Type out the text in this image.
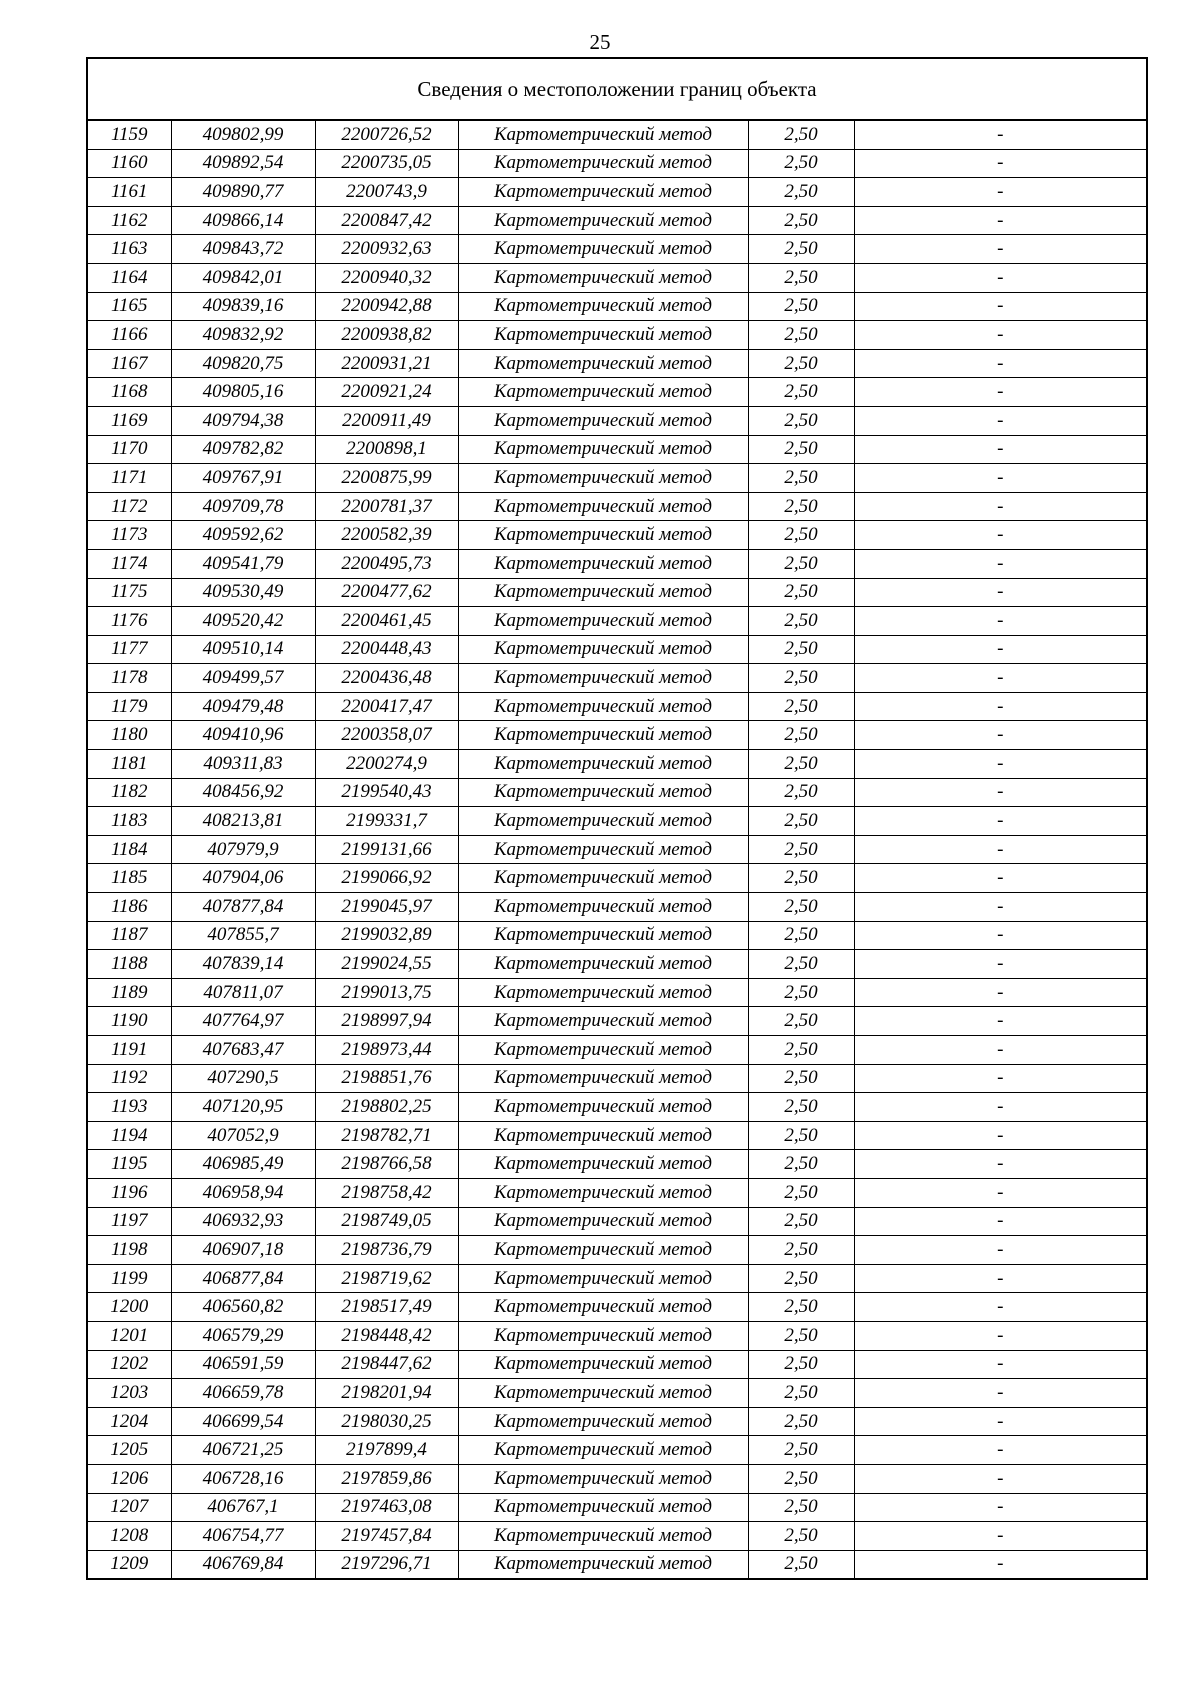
25
Сведения о местоположении границ объекта					
1159	409802,99	2200726,52	Картометрический метод	2,50	-
1160	409892,54	2200735,05	Картометрический метод	2,50	-
1161	409890,77	2200743,9	Картометрический метод	2,50	-
1162	409866,14	2200847,42	Картометрический метод	2,50	-
1163	409843,72	2200932,63	Картометрический метод	2,50	-
1164	409842,01	2200940,32	Картометрический метод	2,50	-
1165	409839,16	2200942,88	Картометрический метод	2,50	-
1166	409832,92	2200938,82	Картометрический метод	2,50	-
1167	409820,75	2200931,21	Картометрический метод	2,50	-
1168	409805,16	2200921,24	Картометрический метод	2,50	-
1169	409794,38	2200911,49	Картометрический метод	2,50	-
1170	409782,82	2200898,1	Картометрический метод	2,50	-
1171	409767,91	2200875,99	Картометрический метод	2,50	-
1172	409709,78	2200781,37	Картометрический метод	2,50	-
1173	409592,62	2200582,39	Картометрический метод	2,50	-
1174	409541,79	2200495,73	Картометрический метод	2,50	-
1175	409530,49	2200477,62	Картометрический метод	2,50	-
1176	409520,42	2200461,45	Картометрический метод	2,50	-
1177	409510,14	2200448,43	Картометрический метод	2,50	-
1178	409499,57	2200436,48	Картометрический метод	2,50	-
1179	409479,48	2200417,47	Картометрический метод	2,50	-
1180	409410,96	2200358,07	Картометрический метод	2,50	-
1181	409311,83	2200274,9	Картометрический метод	2,50	-
1182	408456,92	2199540,43	Картометрический метод	2,50	-
1183	408213,81	2199331,7	Картометрический метод	2,50	-
1184	407979,9	2199131,66	Картометрический метод	2,50	-
1185	407904,06	2199066,92	Картометрический метод	2,50	-
1186	407877,84	2199045,97	Картометрический метод	2,50	-
1187	407855,7	2199032,89	Картометрический метод	2,50	-
1188	407839,14	2199024,55	Картометрический метод	2,50	-
1189	407811,07	2199013,75	Картометрический метод	2,50	-
1190	407764,97	2198997,94	Картометрический метод	2,50	-
1191	407683,47	2198973,44	Картометрический метод	2,50	-
1192	407290,5	2198851,76	Картометрический метод	2,50	-
1193	407120,95	2198802,25	Картометрический метод	2,50	-
1194	407052,9	2198782,71	Картометрический метод	2,50	-
1195	406985,49	2198766,58	Картометрический метод	2,50	-
1196	406958,94	2198758,42	Картометрический метод	2,50	-
1197	406932,93	2198749,05	Картометрический метод	2,50	-
1198	406907,18	2198736,79	Картометрический метод	2,50	-
1199	406877,84	2198719,62	Картометрический метод	2,50	-
1200	406560,82	2198517,49	Картометрический метод	2,50	-
1201	406579,29	2198448,42	Картометрический метод	2,50	-
1202	406591,59	2198447,62	Картометрический метод	2,50	-
1203	406659,78	2198201,94	Картометрический метод	2,50	-
1204	406699,54	2198030,25	Картометрический метод	2,50	-
1205	406721,25	2197899,4	Картометрический метод	2,50	-
1206	406728,16	2197859,86	Картометрический метод	2,50	-
1207	406767,1	2197463,08	Картометрический метод	2,50	-
1208	406754,77	2197457,84	Картометрический метод	2,50	-
1209	406769,84	2197296,71	Картометрический метод	2,50	-
